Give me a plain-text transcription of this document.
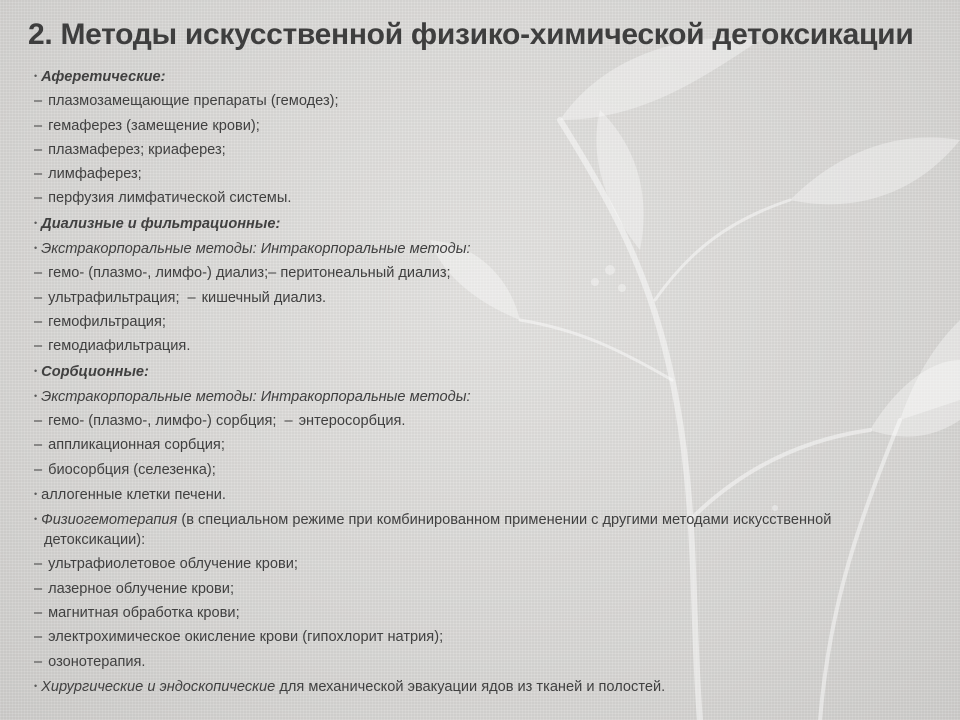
2. Методы искусственной физико-химической детоксикации
• Аферетические:
– плазмозамещающие препараты (гемодез);
– гемаферез (замещение крови);
– плазмаферез; криаферез;
– лимфаферез;
– перфузия лимфатической системы.
• Диализные и фильтрационные:
• Экстракорпоральные методы: Интракорпоральные методы:
– гемо- (плазмо-, лимфо-) диализ;– перитонеальный диализ;
– ультрафильтрация; – кишечный диализ.
– гемофильтрация;
– гемодиафильтрация.
• Сорбционные:
• Экстракорпоральные методы: Интракорпоральные методы:
– гемо- (плазмо-, лимфо-) сорбция; – энтеросорбция.
– аппликационная сорбция;
– биосорбция (селезенка);
• аллогенные клетки печени.
• Физиогемотерапия (в специальном режиме при комбинированном применении с другими методами искусственной детоксикации):
– ультрафиолетовое облучение крови;
– лазерное облучение крови;
– магнитная обработка крови;
– электрохимическое окисление крови (гипохлорит натрия);
– озонотерапия.
• Хирургические и эндоскопические для механической эвакуации ядов из тканей и полостей.
